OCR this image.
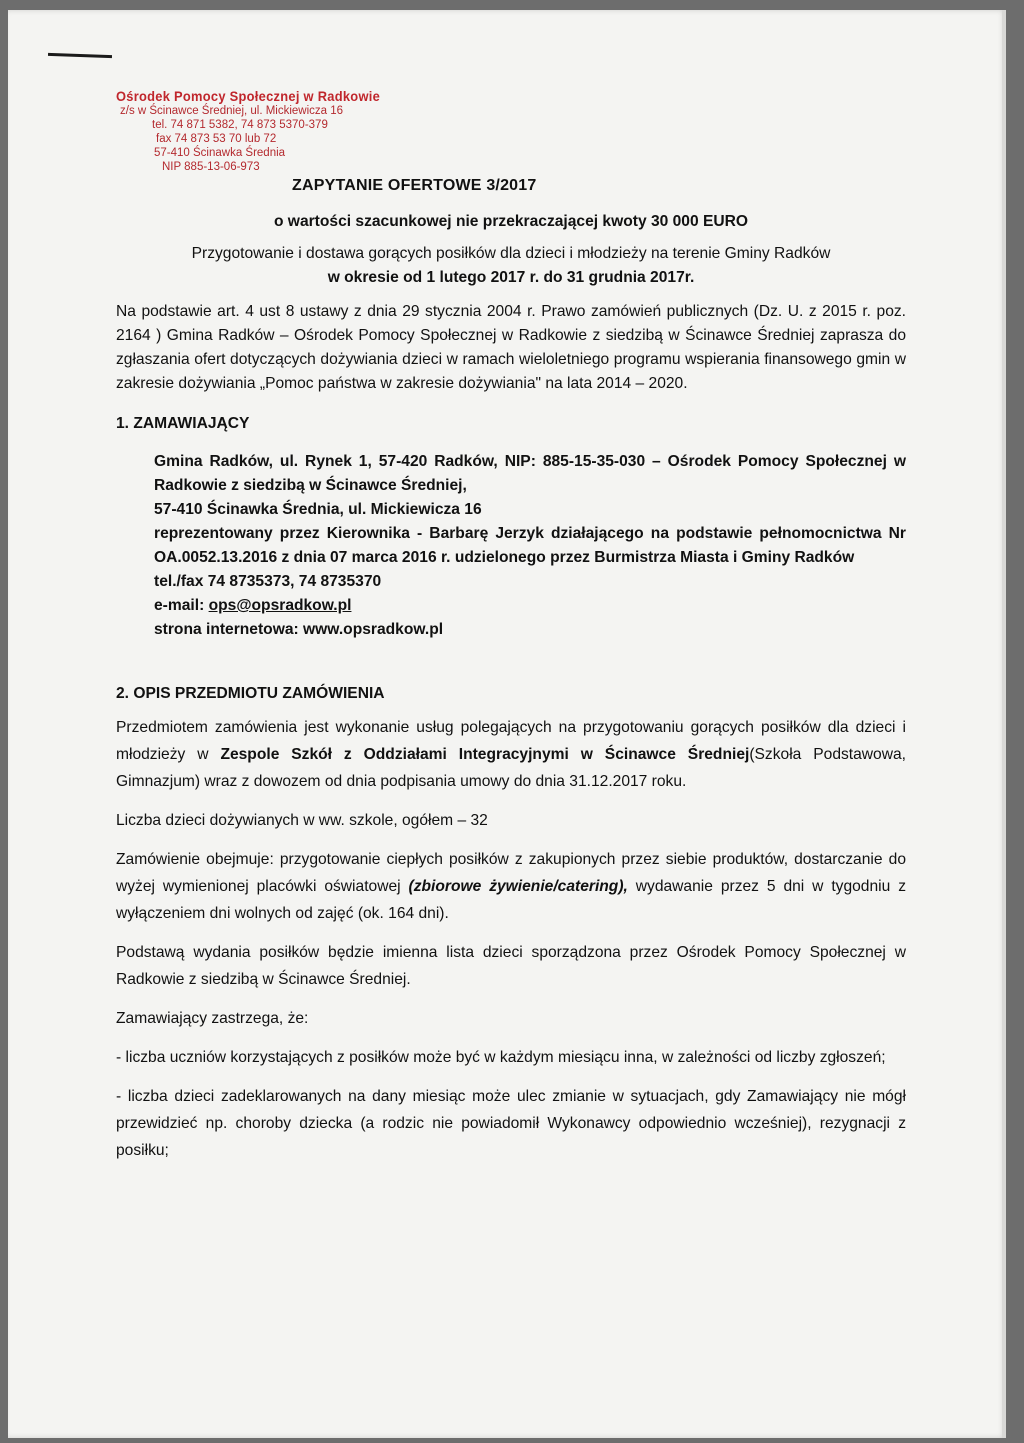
Ośrodek Pomocy Społecznej w Radkowie
z/s w Ścinawce Średniej, ul. Mickiewicza 16
tel. 74 871 5382, 74 873 5370-379
fax 74 873 53 70 lub 72
57-410 Ścinawka Średnia
NIP 885-13-06-973
ZAPYTANIE OFERTOWE 3/2017
o wartości szacunkowej nie przekraczającej kwoty 30 000 EURO
Przygotowanie i dostawa gorących posiłków dla dzieci i młodzieży na terenie Gminy Radków
w okresie od 1 lutego 2017 r. do 31 grudnia 2017r.

Na podstawie art. 4 ust 8 ustawy z dnia 29 stycznia 2004 r. Prawo zamówień publicznych (Dz. U. z 2015 r. poz. 2164 ) Gmina Radków – Ośrodek Pomocy Społecznej w Radkowie z siedzibą w Ścinawce Średniej zaprasza do zgłaszania ofert dotyczących dożywiania dzieci w ramach wieloletniego programu wspierania finansowego gmin w zakresie dożywiania „Pomoc państwa w zakresie dożywiania" na lata 2014 – 2020.

1. ZAMAWIAJĄCY
Gmina Radków, ul. Rynek 1, 57-420 Radków, NIP: 885-15-35-030 – Ośrodek Pomocy Społecznej w Radkowie z siedzibą w Ścinawce Średniej,
57-410 Ścinawka Średnia, ul. Mickiewicza 16
reprezentowany przez Kierownika - Barbarę Jerzyk działającego na podstawie pełnomocnictwa Nr OA.0052.13.2016 z dnia 07 marca 2016 r. udzielonego przez Burmistrza Miasta i Gminy Radków
tel./fax 74 8735373, 74 8735370
e-mail: ops@opsradkow.pl
strona internetowa: www.opsradkow.pl
2. OPIS PRZEDMIOTU ZAMÓWIENIA

Przedmiotem zamówienia jest wykonanie usług polegających na przygotowaniu gorących posiłków dla dzieci i młodzieży w Zespole Szkół z Oddziałami Integracyjnymi w Ścinawce Średniej(Szkoła Podstawowa, Gimnazjum) wraz z dowozem od dnia podpisania umowy do dnia 31.12.2017 roku.

Liczba dzieci dożywianych w ww. szkole, ogółem – 32

Zamówienie obejmuje: przygotowanie ciepłych posiłków z zakupionych przez siebie produktów, dostarczanie do wyżej wymienionej placówki oświatowej (zbiorowe żywienie/catering), wydawanie przez 5 dni w tygodniu z wyłączeniem dni wolnych od zajęć (ok. 164 dni).

Podstawą wydania posiłków będzie imienna lista dzieci sporządzona przez Ośrodek Pomocy Społecznej w Radkowie z siedzibą w Ścinawce Średniej.

Zamawiający zastrzega, że:

- liczba uczniów korzystających z posiłków może być w każdym miesiącu inna, w zależności od liczby zgłoszeń;

- liczba dzieci zadeklarowanych na dany miesiąc może ulec zmianie w sytuacjach, gdy Zamawiający nie mógł przewidzieć np. choroby dziecka (a rodzic nie powiadomił Wykonawcy odpowiednio wcześniej), rezygnacji z posiłku;
